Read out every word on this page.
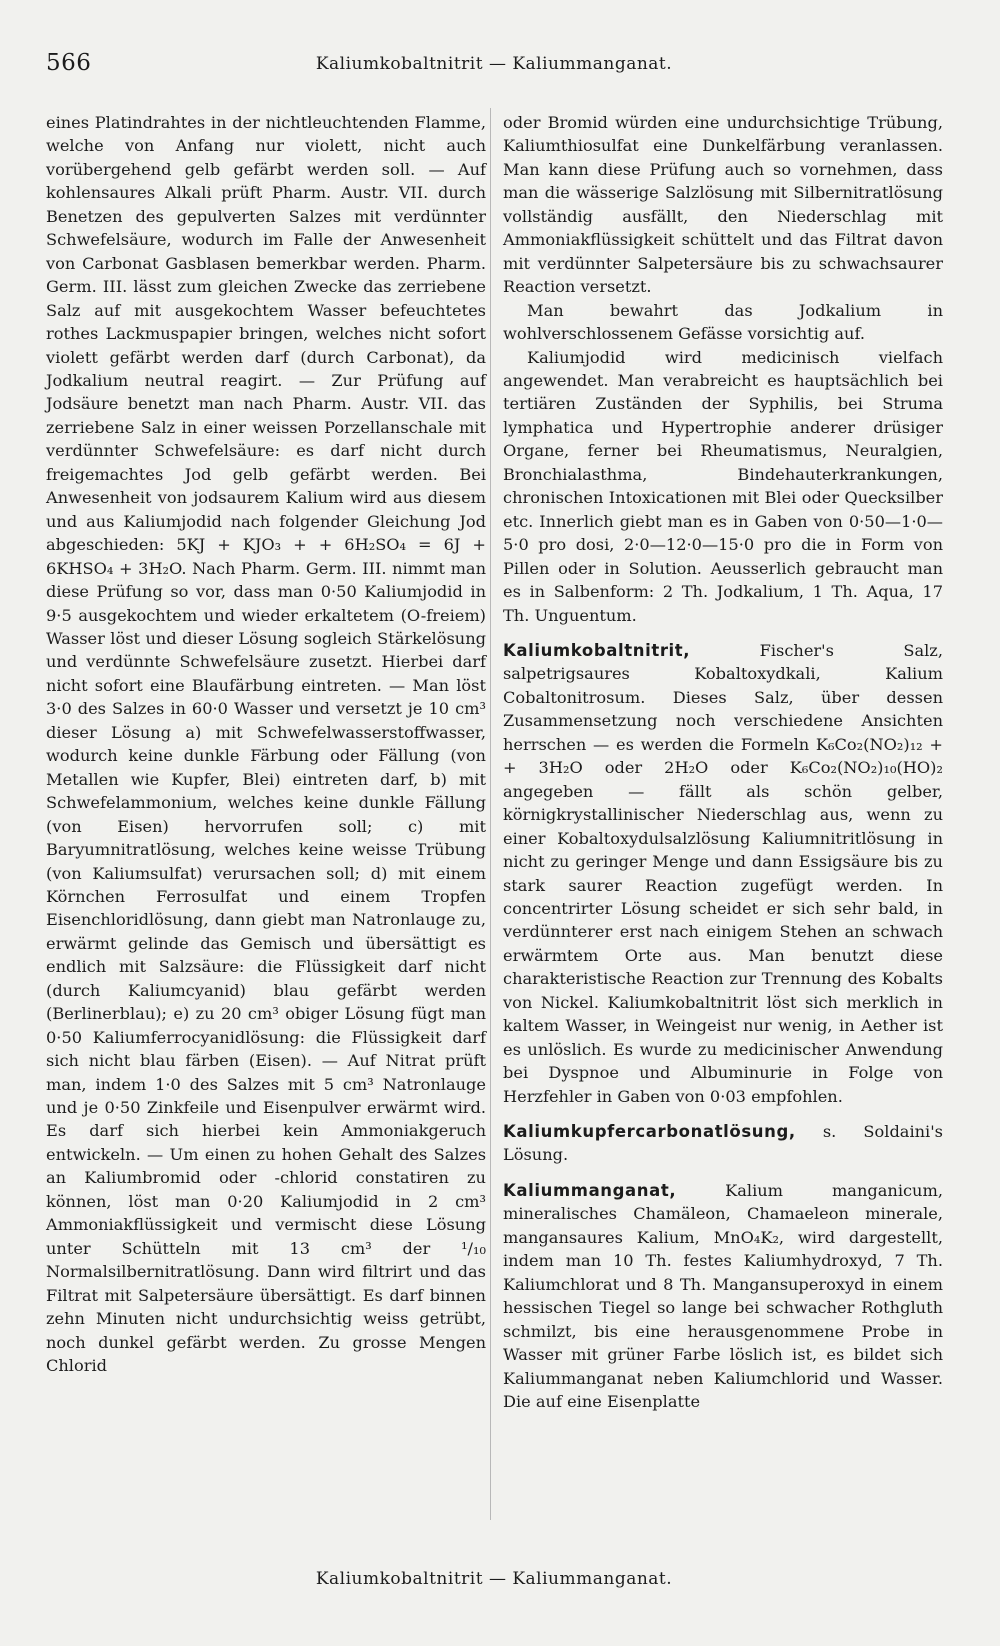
566	Kaliumkobaltnitrit — Kaliummanganat.

eines Platindrahtes in der nichtleuchtenden Flamme, welche von Anfang nur violett, nicht auch vorübergehend gelb gefärbt werden soll. — Auf kohlensaures Alkali prüft Pharm. Austr. VII. durch Benetzen des gepulverten Salzes mit verdünnter Schwefelsäure, wodurch im Falle der Anwesenheit von Carbonat Gasblasen bemerkbar werden. Pharm. Germ. III. lässt zum gleichen Zwecke das zerriebene Salz auf mit ausgekochtem Wasser befeuchtetes rothes Lackmuspapier bringen, welches nicht sofort violett gefärbt werden darf (durch Carbonat), da Jodkalium neutral reagirt. — Zur Prüfung auf Jodsäure benetzt man nach Pharm. Austr. VII. das zerriebene Salz in einer weissen Porzellanschale mit verdünnter Schwefelsäure: es darf nicht durch freigemachtes Jod gelb gefärbt werden. Bei Anwesenheit von jodsaurem Kalium wird aus diesem und aus Kaliumjodid nach folgender Gleichung Jod abgeschieden: 5KJ + KJO₃ + + 6H₂SO₄ = 6J + 6KHSO₄ + 3H₂O. Nach Pharm. Germ. III. nimmt man diese Prüfung so vor, dass man 0·50 Kaliumjodid in 9·5 ausgekochtem und wieder erkaltetem (O-freiem) Wasser löst und dieser Lösung sogleich Stärkelösung und verdünnte Schwefelsäure zusetzt. Hierbei darf nicht sofort eine Blaufärbung eintreten. — Man löst 3·0 des Salzes in 60·0 Wasser und versetzt je 10 cm³ dieser Lösung a) mit Schwefelwasserstoffwasser, wodurch keine dunkle Färbung oder Fällung (von Metallen wie Kupfer, Blei) eintreten darf, b) mit Schwefelammonium, welches keine dunkle Fällung (von Eisen) hervorrufen soll; c) mit Baryumnitratlösung, welches keine weisse Trübung (von Kaliumsulfat) verursachen soll; d) mit einem Körnchen Ferrosulfat und einem Tropfen Eisenchloridlösung, dann giebt man Natronlauge zu, erwärmt gelinde das Gemisch und übersättigt es endlich mit Salzsäure: die Flüssigkeit darf nicht (durch Kaliumcyanid) blau gefärbt werden (Berlinerblau); e) zu 20 cm³ obiger Lösung fügt man 0·50 Kaliumferrocyanidlösung: die Flüssigkeit darf sich nicht blau färben (Eisen). — Auf Nitrat prüft man, indem 1·0 des Salzes mit 5 cm³ Natronlauge und je 0·50 Zinkfeile und Eisenpulver erwärmt wird. Es darf sich hierbei kein Ammoniakgeruch entwickeln. — Um einen zu hohen Gehalt des Salzes an Kaliumbromid oder -chlorid constatiren zu können, löst man 0·20 Kaliumjodid in 2 cm³ Ammoniakflüssigkeit und vermischt diese Lösung unter Schütteln mit 13 cm³ der ¹/₁₀ Normalsilbernitratlösung. Dann wird filtrirt und das Filtrat mit Salpetersäure übersättigt. Es darf binnen zehn Minuten nicht undurchsichtig weiss getrübt, noch dunkel gefärbt werden. Zu grosse Mengen Chlorid

oder Bromid würden eine undurchsichtige Trübung, Kaliumthiosulfat eine Dunkelfärbung veranlassen. Man kann diese Prüfung auch so vornehmen, dass man die wässerige Salzlösung mit Silbernitratlösung vollständig ausfällt, den Niederschlag mit Ammoniakflüssigkeit schüttelt und das Filtrat davon mit verdünnter Salpetersäure bis zu schwachsaurer Reaction versetzt.

Man bewahrt das Jodkalium in wohlverschlossenem Gefässe vorsichtig auf.

Kaliumjodid wird medicinisch vielfach angewendet. Man verabreicht es hauptsächlich bei tertiären Zuständen der Syphilis, bei Struma lymphatica und Hypertrophie anderer drüsiger Organe, ferner bei Rheumatismus, Neuralgien, Bronchialasthma, Bindehauterkrankungen, chronischen Intoxicationen mit Blei oder Quecksilber etc. Innerlich giebt man es in Gaben von 0·50—1·0—5·0 pro dosi, 2·0—12·0—15·0 pro die in Form von Pillen oder in Solution. Aeusserlich gebraucht man es in Salbenform: 2 Th. Jodkalium, 1 Th. Aqua, 17 Th. Unguentum.

Kaliumkobaltnitrit,	Fischer's Salz, salpetrigsaures Kobaltoxydkali, Kalium Cobaltonitrosum. Dieses Salz, über dessen Zusammensetzung noch verschiedene Ansichten herrschen — es werden die Formeln K₆Co₂(NO₂)₁₂ + + 3H₂O oder 2H₂O oder K₆Co₂(NO₂)₁₀(HO)₂ angegeben — fällt als schön gelber, körnigkrystallinischer Niederschlag aus, wenn zu einer Kobaltoxydulsalzlösung Kaliumnitritlösung in nicht zu geringer Menge und dann Essigsäure bis zu stark saurer Reaction zugefügt werden. In concentrirter Lösung scheidet er sich sehr bald, in verdünnterer erst nach einigem Stehen an schwach erwärmtem Orte aus. Man benutzt diese charakteristische Reaction zur Trennung des Kobalts von Nickel. Kaliumkobaltnitrit löst sich merklich in kaltem Wasser, in Weingeist nur wenig, in Aether ist es unlöslich. Es wurde zu medicinischer Anwendung bei Dyspnoe und Albuminurie in Folge von Herzfehler in Gaben von 0·03 empfohlen.

Kaliumkupfercarbonatlösung, s. Soldaini's Lösung.

Kaliummanganat,	Kalium manganicum, mineralisches Chamäleon, Chamaeleon minerale, mangansaures Kalium, MnO₄K₂, wird dargestellt, indem man 10 Th. festes Kaliumhydroxyd, 7 Th. Kaliumchlorat und 8 Th. Mangansuperoxyd in einem hessischen Tiegel so lange bei schwacher Rothgluth schmilzt, bis eine herausgenommene Probe in Wasser mit grüner Farbe löslich ist, es bildet sich Kaliummanganat neben Kaliumchlorid und Wasser. Die auf eine Eisenplatte

Kaliumkobaltnitrit — Kaliummanganat.
